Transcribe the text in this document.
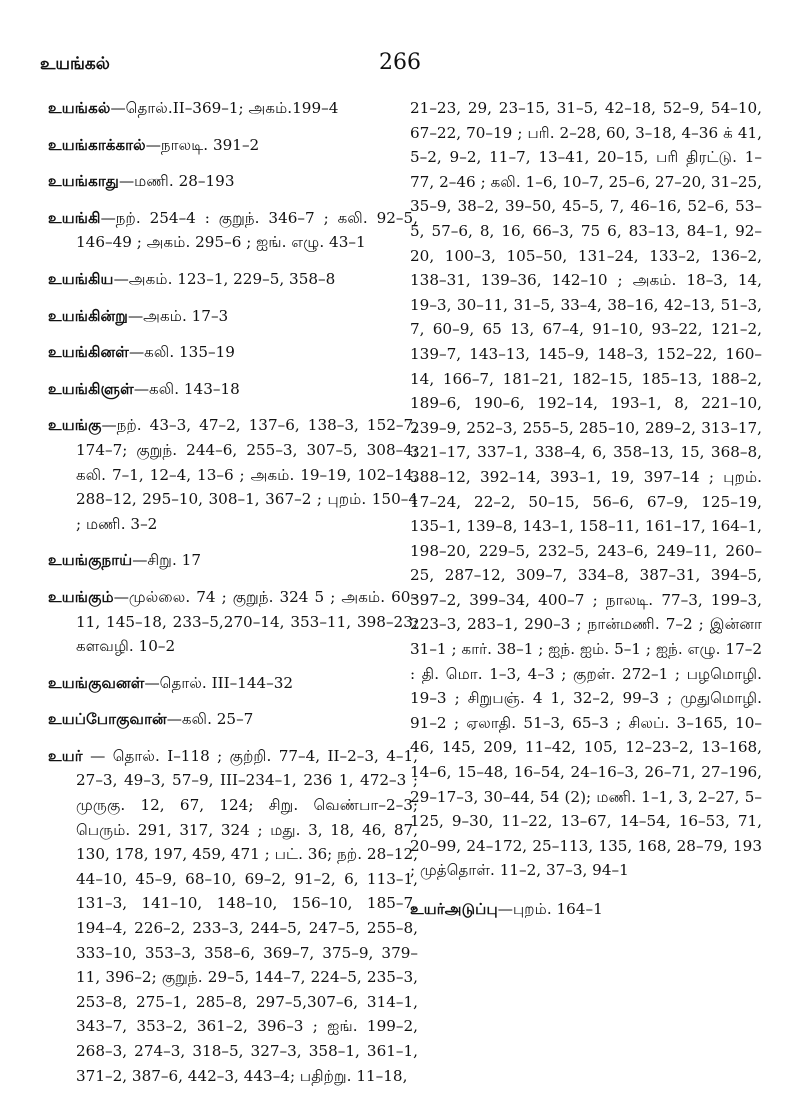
உயங்கல்	266

உயங்கல்—தொல்.II–369–1; அகம்.199–4

உயங்காக்கால்—நாலடி. 391–2

உயங்காது—மணி. 28–193

உயங்கி—நற். 254–4 : குறுந். 346–7 ; கலி. 92–5, 146–49 ; அகம். 295–6 ; ஐங். எழு. 43–1

உயங்கிய—அகம். 123–1, 229–5, 358–8

உயங்கின்று—அகம். 17–3

உயங்கினள்—கலி. 135–19

உயங்கிளுள்—கலி. 143–18

உயங்கு—நற். 43–3, 47–2, 137–6, 138–3, 152–7, 174–7; குறுந். 244–6, 255–3, 307–5, 308–4; கலி. 7–1, 12–4, 13–6 ; அகம். 19–19, 102–14, 288–12, 295–10, 308–1, 367–2 ; புறம். 150–4 ; மணி. 3–2

உயங்குநாய்—சிறு. 17

உயங்கும்—முல்லை. 74 ; குறுந். 324 5 ; அகம். 60–11, 145–18, 233–5,270–14, 353–11, 398–23; களவழி. 10–2

உயங்குவனள்—தொல். III–144–32

உயப்போகுவான்—கலி. 25–7

உயர் — தொல். I–118 ; குற்றி. 77–4, II–2–3, 4–1, 27–3, 49–3, 57–9, III–234–1, 236 1, 472–3 ; முருகு. 12, 67, 124; சிறு. வெண்பா–2–3; பெரும். 291, 317, 324 ; மது. 3, 18, 46, 87, 130, 178, 197, 459, 471 ; பட். 36; நற். 28–12, 44–10, 45–9, 68–10, 69–2, 91–2, 6, 113–1, 131–3, 141–10, 148–10, 156–10, 185–7, 194–4, 226–2, 233–3, 244–5, 247–5, 255–8, 333–10, 353–3, 358–6, 369–7, 375–9, 379–11, 396–2; குறுந். 29–5, 144–7, 224–5, 235–3, 253–8, 275–1, 285–8, 297–5,307–6, 314–1, 343–7, 353–2, 361–2, 396–3 ; ஐங். 199–2, 268–3, 274–3, 318–5, 327–3, 358–1, 361–1, 371–2, 387–6, 442–3, 443–4; பதிற்று. 11–18,

21–23, 29, 23–15, 31–5, 42–18, 52–9, 54–10, 67–22, 70–19 ; பரி. 2–28, 60, 3–18, 4–36 க் 41, 5–2, 9–2, 11–7, 13–41, 20–15, பரி திரட்டு. 1–77, 2–46 ; கலி. 1–6, 10–7, 25–6, 27–20, 31–25, 35–9, 38–2, 39–50, 45–5, 7, 46–16, 52–6, 53–5, 57–6, 8, 16, 66–3, 75 6, 83–13, 84–1, 92–20, 100–3, 105–50, 131–24, 133–2, 136–2, 138–31, 139–36, 142–10 ; அகம். 18–3, 14, 19–3, 30–11, 31–5, 33–4, 38–16, 42–13, 51–3, 7, 60–9, 65 13, 67–4, 91–10, 93–22, 121–2, 139–7, 143–13, 145–9, 148–3, 152–22, 160–14, 166–7, 181–21, 182–15, 185–13, 188–2, 189–6, 190–6, 192–14, 193–1, 8, 221–10, 239–9, 252–3, 255–5, 285–10, 289–2, 313–17, 321–17, 337–1, 338–4, 6, 358–13, 15, 368–8, 388–12, 392–14, 393–1, 19, 397–14 ; புறம். 17–24, 22–2, 50–15, 56–6, 67–9, 125–19, 135–1, 139–8, 143–1, 158–11, 161–17, 164–1, 198–20, 229–5, 232–5, 243–6, 249–11, 260–25, 287–12, 309–7, 334–8, 387–31, 394–5, 397–2, 399–34, 400–7 ; நாலடி. 77–3, 199–3, 223–3, 283–1, 290–3 ; நான்மணி. 7–2 ; இன்னா 31–1 ; கார். 38–1 ; ஐந். ஐம். 5–1 ; ஐந். எழு. 17–2 : தி. மொ. 1–3, 4–3 ; குறள். 272–1 ; பழமொழி. 19–3 ; சிறுபஞ். 4 1, 32–2, 99–3 ; முதுமொழி. 91–2 ; ஏலாதி. 51–3, 65–3 ; சிலப். 3–165, 10–46, 145, 209, 11–42, 105, 12–23–2, 13–168, 14–6, 15–48, 16–54, 24–16–3, 26–71, 27–196, 29–17–3, 30–44, 54 (2); மணி. 1–1, 3, 2–27, 5–125, 9–30, 11–22, 13–67, 14–54, 16–53, 71, 20–99, 24–172, 25–113, 135, 168, 28–79, 193 ; முத்தொள். 11–2, 37–3, 94–1

உயர்அடுப்பு—புறம். 164–1
